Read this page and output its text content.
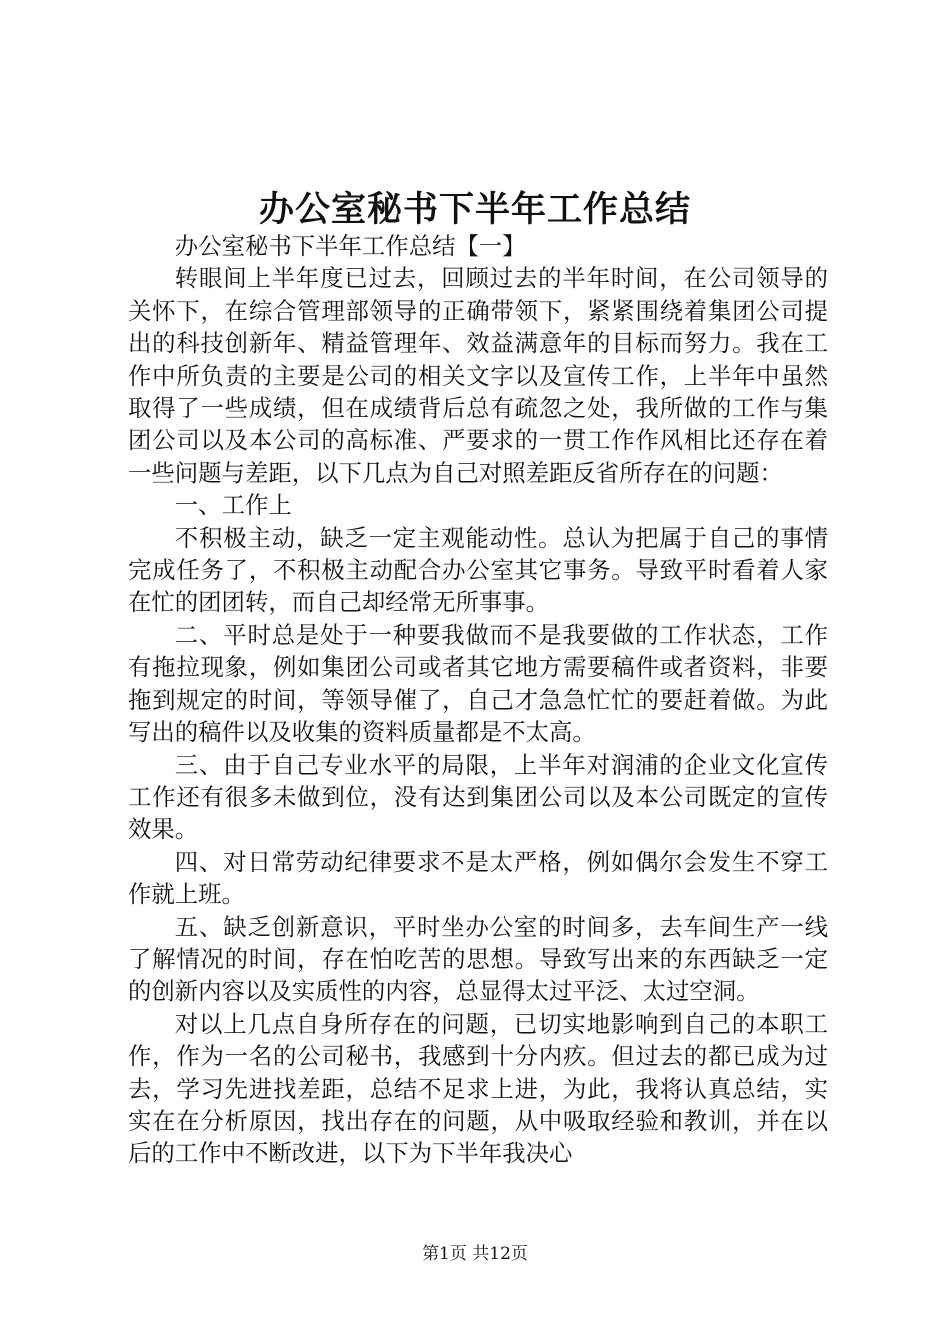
办公室秘书下半年工作总结

办公室秘书下半年工作总结【一】

转眼间上半年度已过去，回顾过去的半年时间，在公司领导的关怀下，在综合管理部领导的正确带领下，紧紧围绕着集团公司提出的科技创新年、精益管理年、效益满意年的目标而努力。我在工作中所负责的主要是公司的相关文字以及宣传工作，上半年中虽然取得了一些成绩，但在成绩背后总有疏忽之处，我所做的工作与集团公司以及本公司的高标准、严要求的一贯工作作风相比还存在着一些问题与差距，以下几点为自己对照差距反省所存在的问题：

一、工作上

不积极主动，缺乏一定主观能动性。总认为把属于自己的事情完成任务了，不积极主动配合办公室其它事务。导致平时看着人家在忙的团团转，而自己却经常无所事事。

二、平时总是处于一种要我做而不是我要做的工作状态，工作有拖拉现象，例如集团公司或者其它地方需要稿件或者资料，非要拖到规定的时间，等领导催了，自己才急急忙忙的要赶着做。为此写出的稿件以及收集的资料质量都是不太高。

三、由于自己专业水平的局限，上半年对润浦的企业文化宣传工作还有很多未做到位，没有达到集团公司以及本公司既定的宣传效果。

四、对日常劳动纪律要求不是太严格，例如偶尔会发生不穿工作就上班。

五、缺乏创新意识，平时坐办公室的时间多，去车间生产一线了解情况的时间，存在怕吃苦的思想。导致写出来的东西缺乏一定的创新内容以及实质性的内容，总显得太过平泛、太过空洞。

对以上几点自身所存在的问题，已切实地影响到自己的本职工作，作为一名的公司秘书，我感到十分内疚。但过去的都已成为过去，学习先进找差距，总结不足求上进，为此，我将认真总结，实实在在分析原因，找出存在的问题，从中吸取经验和教训，并在以后的工作中不断改进，以下为下半年我决心

第1页 共12页
